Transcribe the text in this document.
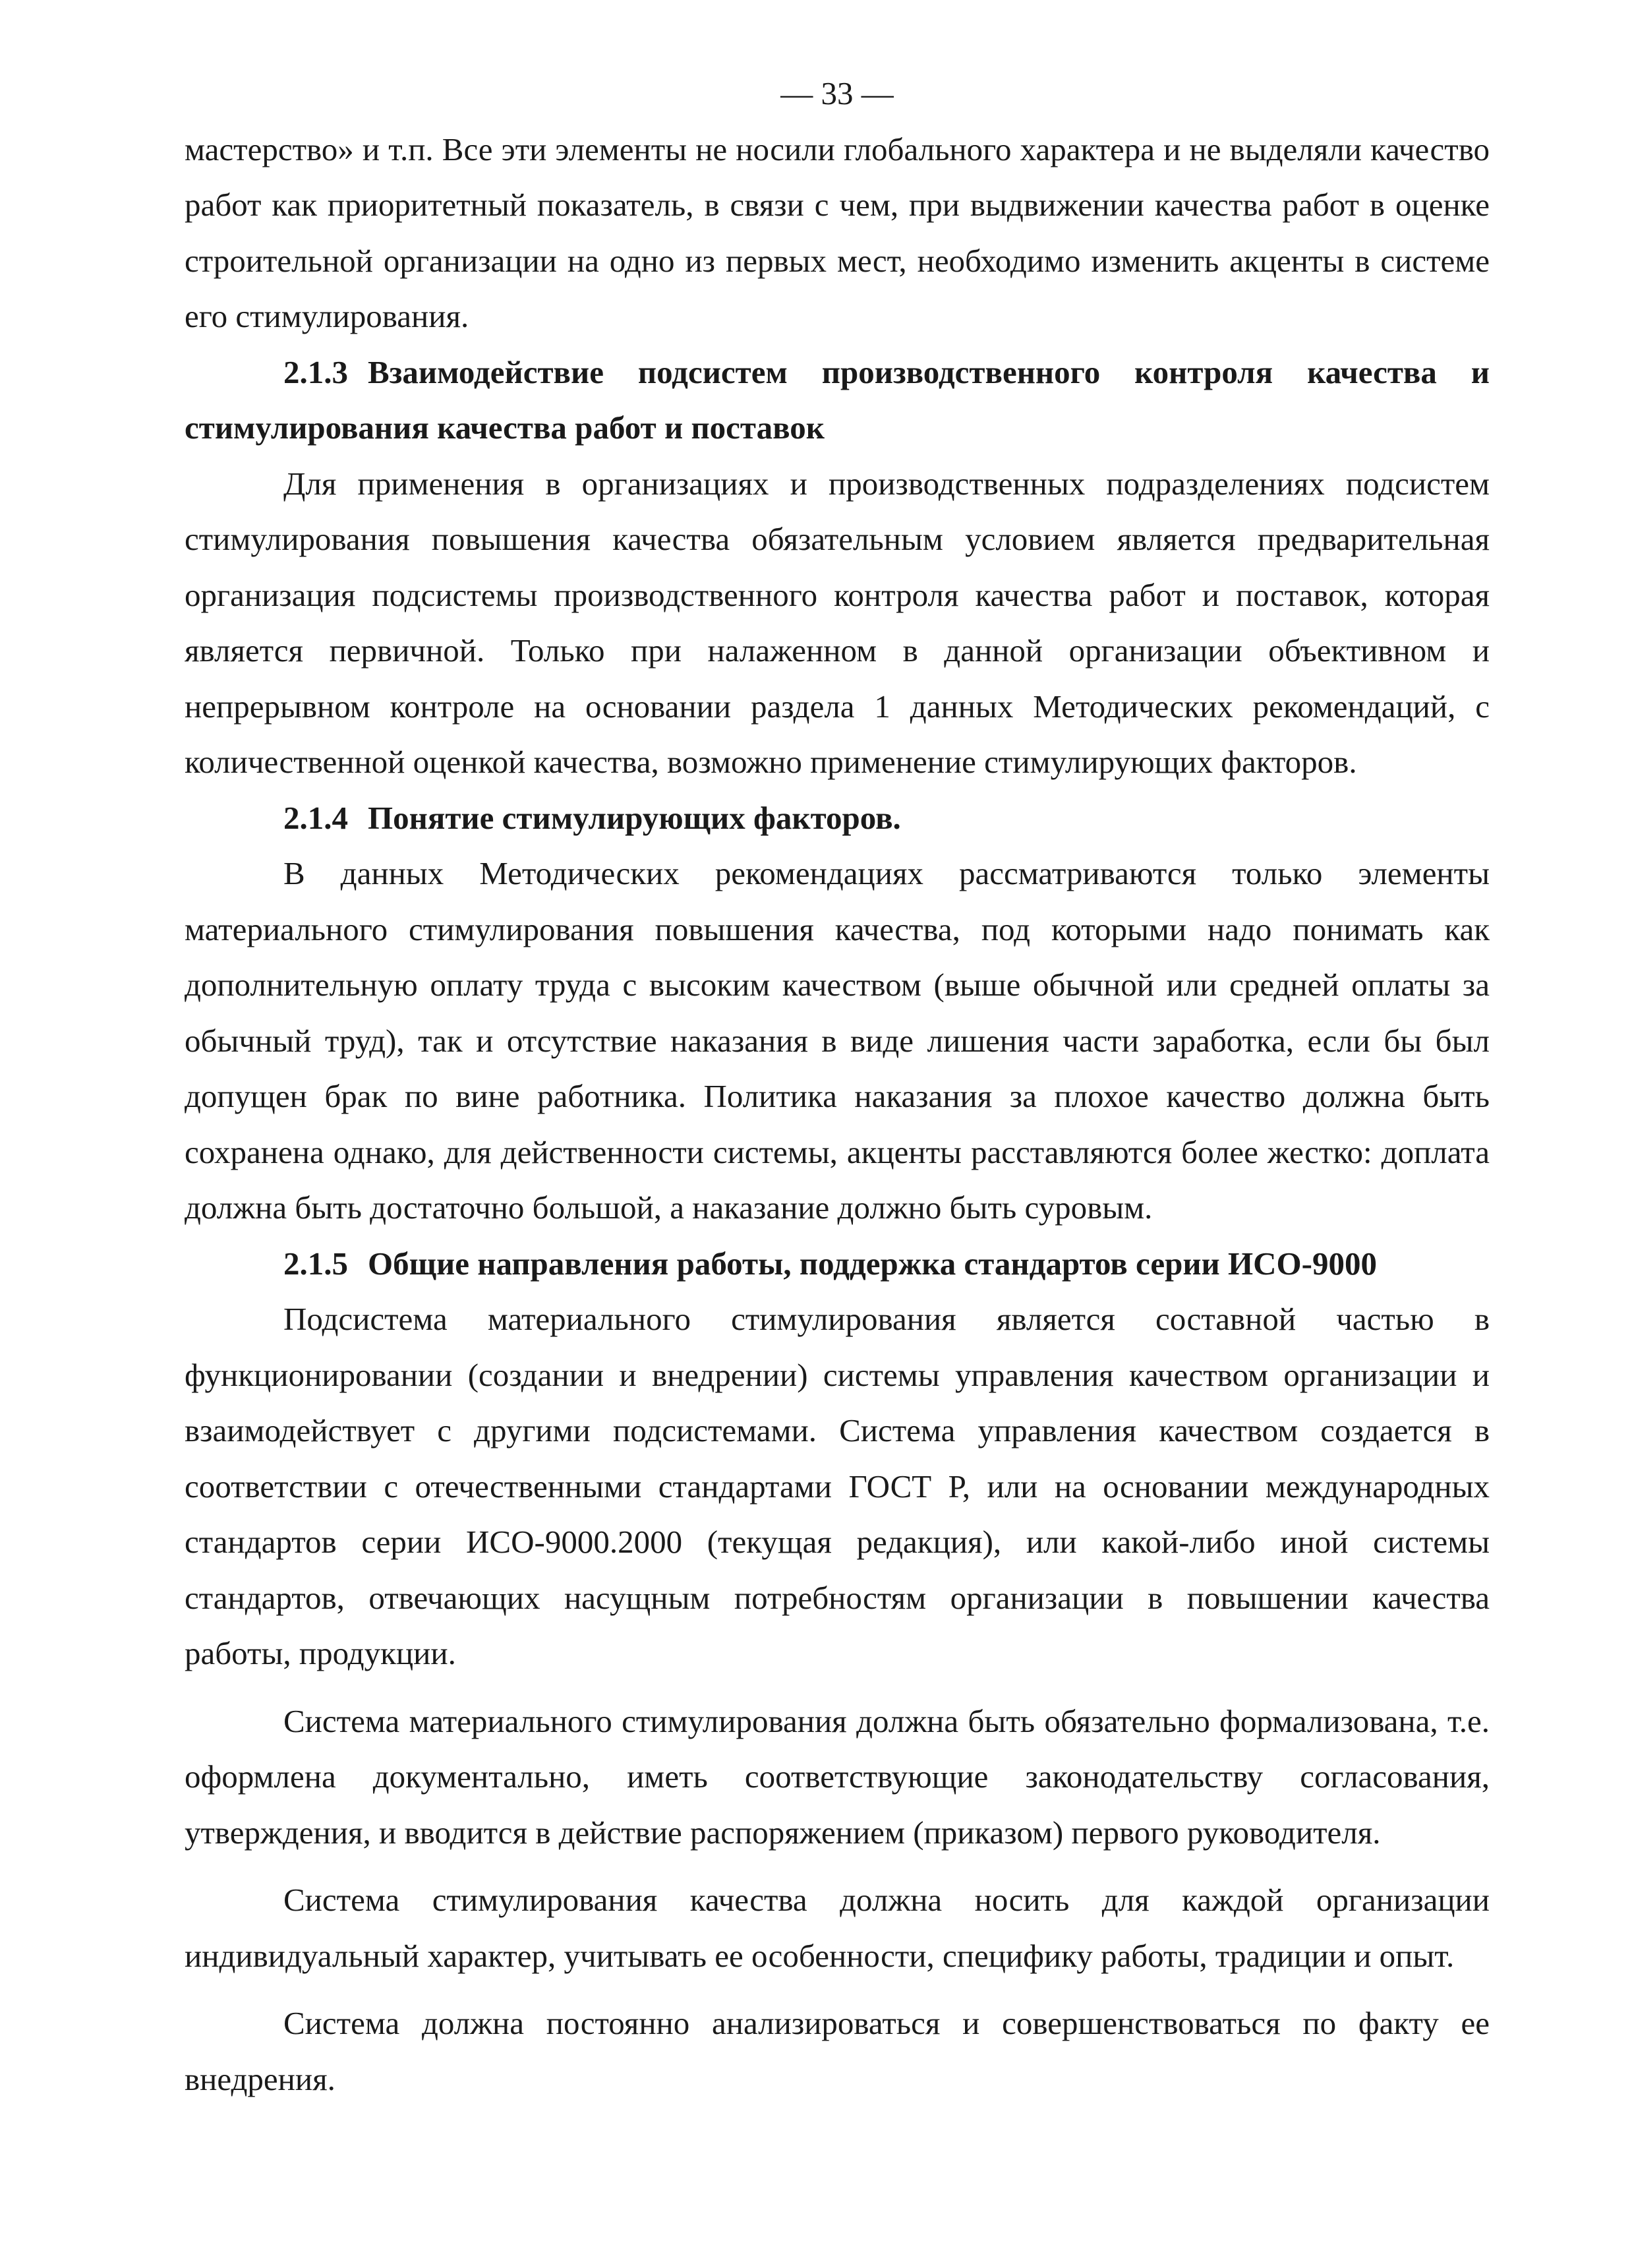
— 33 —

мастерство» и т.п. Все эти элементы не носили глобального характера и не выделяли качество работ как приоритетный показатель, в связи с чем, при выдвижении качества работ в оценке строительной организации на одно из первых мест, необходимо изменить акценты в системе его стимулирования.

2.1.3 Взаимодействие подсистем производственного контроля качества и стимулирования качества работ и поставок

Для применения в организациях и производственных подразделениях подсистем стимулирования повышения качества обязательным условием является предварительная организация подсистемы производственного контроля качества работ и поставок, которая является первичной. Только при налаженном в данной организации объективном и непрерывном контроле на основании раздела 1 данных Методических рекомендаций, с количественной оценкой качества, возможно применение стимулирующих факторов.

2.1.4 Понятие стимулирующих факторов.

В данных Методических рекомендациях рассматриваются только элементы материального стимулирования повышения качества, под которыми надо понимать как дополнительную оплату труда с высоким качеством (выше обычной или средней оплаты за обычный труд), так и отсутствие наказания в виде лишения части заработка, если бы был допущен брак по вине работника. Политика наказания за плохое качество должна быть сохранена однако, для действенности системы, акценты расставляются более жестко: доплата должна быть достаточно большой, а наказание должно быть суровым.

2.1.5 Общие направления работы, поддержка стандартов серии ИСО-9000

Подсистема материального стимулирования является составной частью в функционировании (создании и внедрении) системы управления качеством организации и взаимодействует с другими подсистемами. Система управления качеством создается в соответствии с отечественными стандартами ГОСТ Р, или на основании международных стандартов серии ИСО-9000.2000 (текущая редакция), или какой-либо иной системы стандартов, отвечающих насущным потребностям организации в повышении качества работы, продукции.

Система материального стимулирования должна быть обязательно формализована, т.е. оформлена документально, иметь соответствующие законодательству согласования, утверждения, и вводится в действие распоряжением (приказом) первого руководителя.

Система стимулирования качества должна носить для каждой организации индивидуальный характер, учитывать ее особенности, специфику работы, традиции и опыт.

Система должна постоянно анализироваться и совершенствоваться по факту ее внедрения.
